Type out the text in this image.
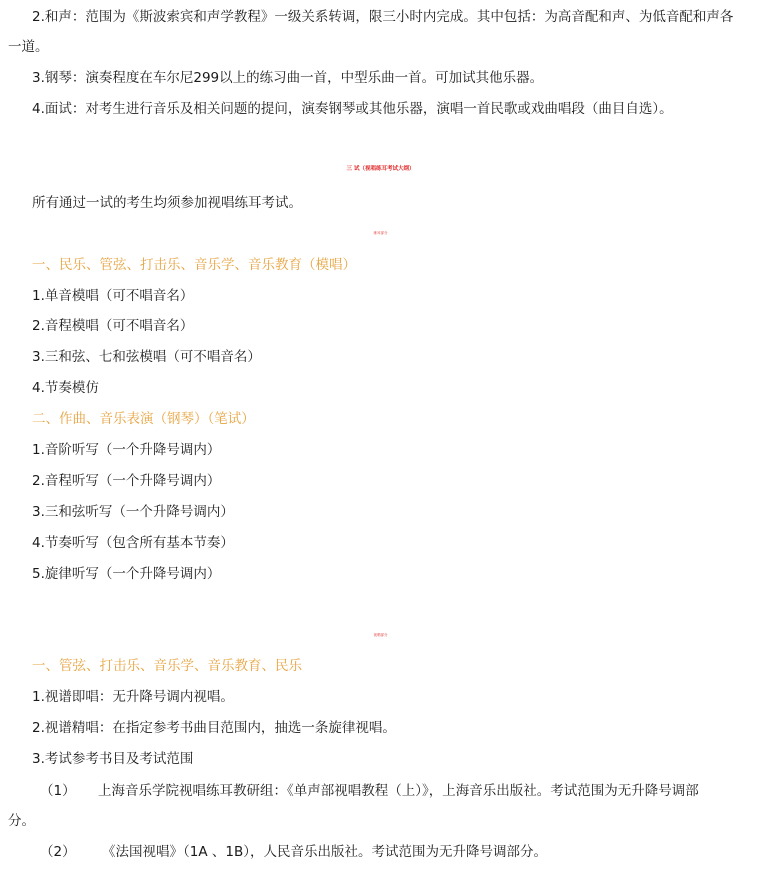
2.和声：范围为《斯波索宾和声学教程》一级关系转调，限三小时内完成。其中包括：为高音配和声、为低音配和声各
一道。
3.钢琴：演奏程度在车尔尼299以上的练习曲一首，中型乐曲一首。可加试其他乐器。
4.面试：对考生进行音乐及相关问题的提问，演奏钢琴或其他乐器，演唱一首民歌或戏曲唱段（曲目自选）。
三 试（视唱练耳考试大纲）
所有通过一试的考生均须参加视唱练耳考试。
练耳部分
一、民乐、管弦、打击乐、音乐学、音乐教育（模唱）
1.单音模唱（可不唱音名）
2.音程模唱（可不唱音名）
3.三和弦、七和弦模唱（可不唱音名）
4.节奏模仿
二、作曲、音乐表演（钢琴）（笔试）
1.音阶听写（一个升降号调内）
2.音程听写（一个升降号调内）
3.三和弦听写（一个升降号调内）
4.节奏听写（包含所有基本节奏）
5.旋律听写（一个升降号调内）
视唱部分
一、管弦、打击乐、音乐学、音乐教育、民乐
1.视谱即唱：无升降号调内视唱。
2.视谱精唱：在指定参考书曲目范围内，抽选一条旋律视唱。
3.考试参考书目及考试范围
（1） 上海音乐学院视唱练耳教研组：《单声部视唱教程（上）》，上海音乐出版社。考试范围为无升降号调部
分。
（2） 《法国视唱》（1A 、1B），人民音乐出版社。考试范围为无升降号调部分。
